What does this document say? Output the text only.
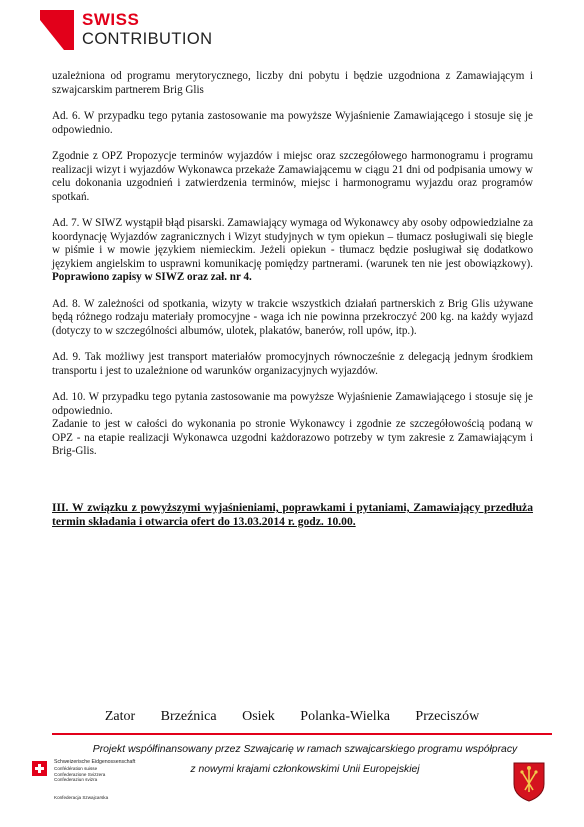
SWISS
CONTRIBUTION

uzależniona od programu merytorycznego, liczby dni pobytu i będzie uzgodniona z Zamawiającym i szwajcarskim partnerem Brig Glis

Ad. 6. W przypadku tego pytania zastosowanie ma powyższe Wyjaśnienie Zamawiającego i stosuje się je odpowiednio.

Zgodnie z OPZ Propozycje terminów wyjazdów i miejsc oraz szczegółowego harmonogramu i programu realizacji wizyt i wyjazdów Wykonawca przekaże Zamawiającemu w ciągu 21 dni od podpisania umowy w celu dokonania uzgodnień i zatwierdzenia terminów, miejsc i harmonogramu wyjazdu oraz programów spotkań.

Ad. 7. W SIWZ wystąpił błąd pisarski. Zamawiający wymaga od Wykonawcy aby osoby odpowiedzialne za koordynację Wyjazdów zagranicznych i Wizyt studyjnych w tym opiekun – tłumacz posługiwali się biegle w piśmie i w mowie językiem niemieckim. Jeżeli opiekun - tłumacz będzie posługiwał się dodatkowo językiem angielskim to usprawni komunikację pomiędzy partnerami. (warunek ten nie jest obowiązkowy). Poprawiono zapisy w SIWZ oraz zał. nr 4.

Ad. 8. W zależności od spotkania, wizyty w trakcie wszystkich działań partnerskich z Brig Glis używane będą różnego rodzaju materiały promocyjne - waga ich nie powinna przekroczyć 200 kg. na każdy wyjazd (dotyczy to w szczególności albumów, ulotek, plakatów, banerów, roll upów, itp.).

Ad. 9. Tak możliwy jest transport materiałów promocyjnych równocześnie z delegacją jednym środkiem transportu i jest to uzależnione od warunków organizacyjnych wyjazdów.

Ad. 10. W przypadku tego pytania zastosowanie ma powyższe Wyjaśnienie Zamawiającego i stosuje się je odpowiednio.

Zadanie to jest w całości do wykonania po stronie Wykonawcy i zgodnie ze szczegółowością podaną w OPZ - na etapie realizacji Wykonawca uzgodni każdorazowo potrzeby w tym zakresie z Zamawiającym i Brig-Glis.

III. W związku z powyższymi wyjaśnieniami, poprawkami i pytaniami, Zamawiający przedłuża termin składania i otwarcia ofert do 13.03.2014 r. godz. 10.00.
Zator Brzeźnica Osiek Polanka-Wielka Przeciszów
Projekt współfinansowany przez Szwajcarię w ramach szwajcarskiego programu współpracy
z nowymi krajami członkowskimi Unii Europejskiej
Schweizerische Eidgenossenschaft
Confédération suisse
Confederazione Svizzera
Confederaziun svizra
Konfederacja Szwajcarska
